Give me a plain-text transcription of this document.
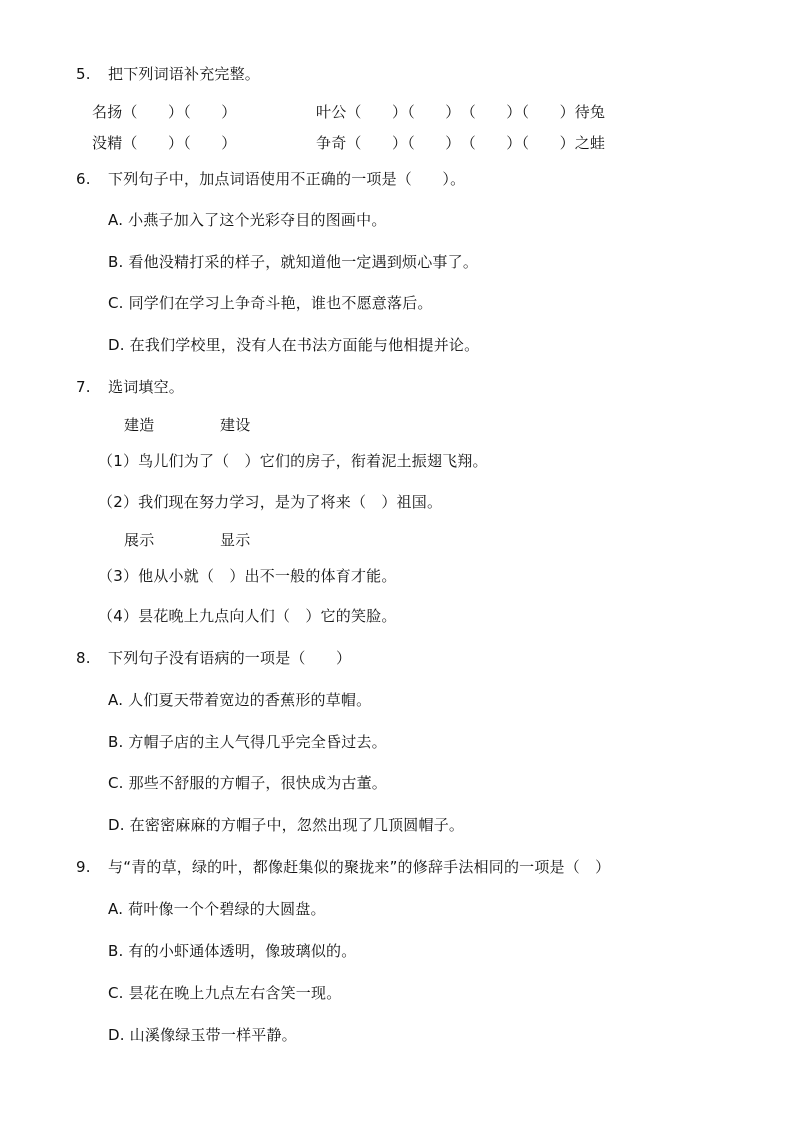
5. 把下列词语补充完整。
名扬（　　）（　　）	叶公（　　）（　　）　（　　）（　　）待兔
没精（　　）（　　）	争奇（　　）（　　）　（　　）（　　）之蛙
6. 下列句子中，加点词语使用不正确的一项是（　　）。
A. 小燕子加入了这个光彩夺目的图画中。
B. 看他没精打采的样子，就知道他一定遇到烦心事了。
C. 同学们在学习上争奇斗艳，谁也不愿意落后。
D. 在我们学校里，没有人在书法方面能与他相提并论。
7. 选词填空。
建造	建设
（1）鸟儿们为了（　）它们的房子，衔着泥土振翅飞翔。
（2）我们现在努力学习，是为了将来（　）祖国。
展示	显示
（3）他从小就（　）出不一般的体育才能。
（4）昙花晚上九点向人们（　）它的笑脸。
8. 下列句子没有语病的一项是（　　）
A. 人们夏天带着宽边的香蕉形的草帽。
B. 方帽子店的主人气得几乎完全昏过去。
C. 那些不舒服的方帽子，很快成为古董。
D. 在密密麻麻的方帽子中，忽然出现了几顶圆帽子。
9. 与“青的草，绿的叶，都像赶集似的聚拢来”的修辞手法相同的一项是（　）
A. 荷叶像一个个碧绿的大圆盘。
B. 有的小虾通体透明，像玻璃似的。
C. 昙花在晚上九点左右含笑一现。
D. 山溪像绿玉带一样平静。
